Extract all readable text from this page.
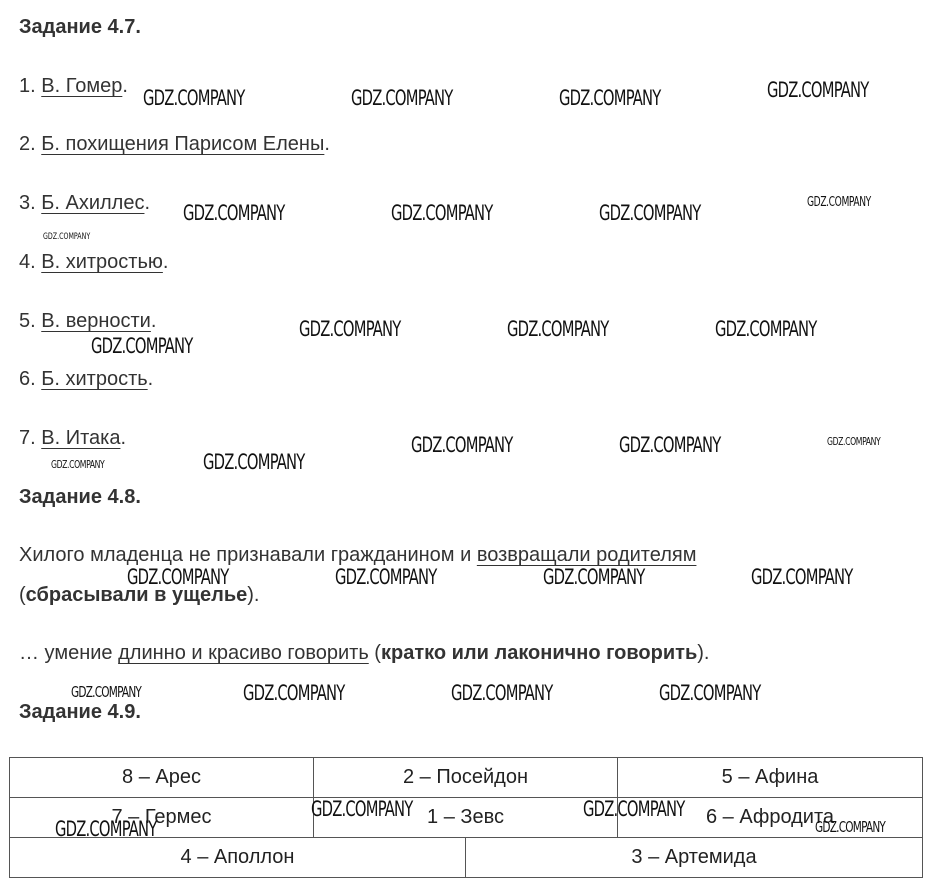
Задание 4.7.
1. В. Гомер.
2. Б. похищения Парисом Елены.
3. Б. Ахиллес.
4. В. хитростью.
5. В. верности.
6. Б. хитрость.
7. В. Итака.
Задание 4.8.
Хилого младенца не признавали гражданином и возвращали родителям
(сбрасывали в ущелье).
… умение длинно и красиво говорить (кратко или лаконично говорить).
Задание 4.9.
8 – Арес	2 – Посейдон	5 – Афина
7 – Гермес	1 – Зевс	6 – Афродита
4 – Аполлон	3 – Артемида
GDZ.COMPANY	GDZ.COMPANY	GDZ.COMPANY	GDZ.COMPANY
GDZ.COMPANY	GDZ.COMPANY	GDZ.COMPANY	GDZ.COMPANY
GDZ.COMPANY
GDZ.COMPANY
GDZ.COMPANY	GDZ.COMPANY	GDZ.COMPANY
GDZ.COMPANY	GDZ.COMPANY
GDZ.COMPANY	GDZ.COMPANY	GDZ.COMPANY
GDZ.COMPANY	GDZ.COMPANY	GDZ.COMPANY	GDZ.COMPANY
GDZ.COMPANY	GDZ.COMPANY	GDZ.COMPANY	GDZ.COMPANY
GDZ.COMPANY
GDZ.COMPANY	GDZ.COMPANY
GDZ.COMPANY
